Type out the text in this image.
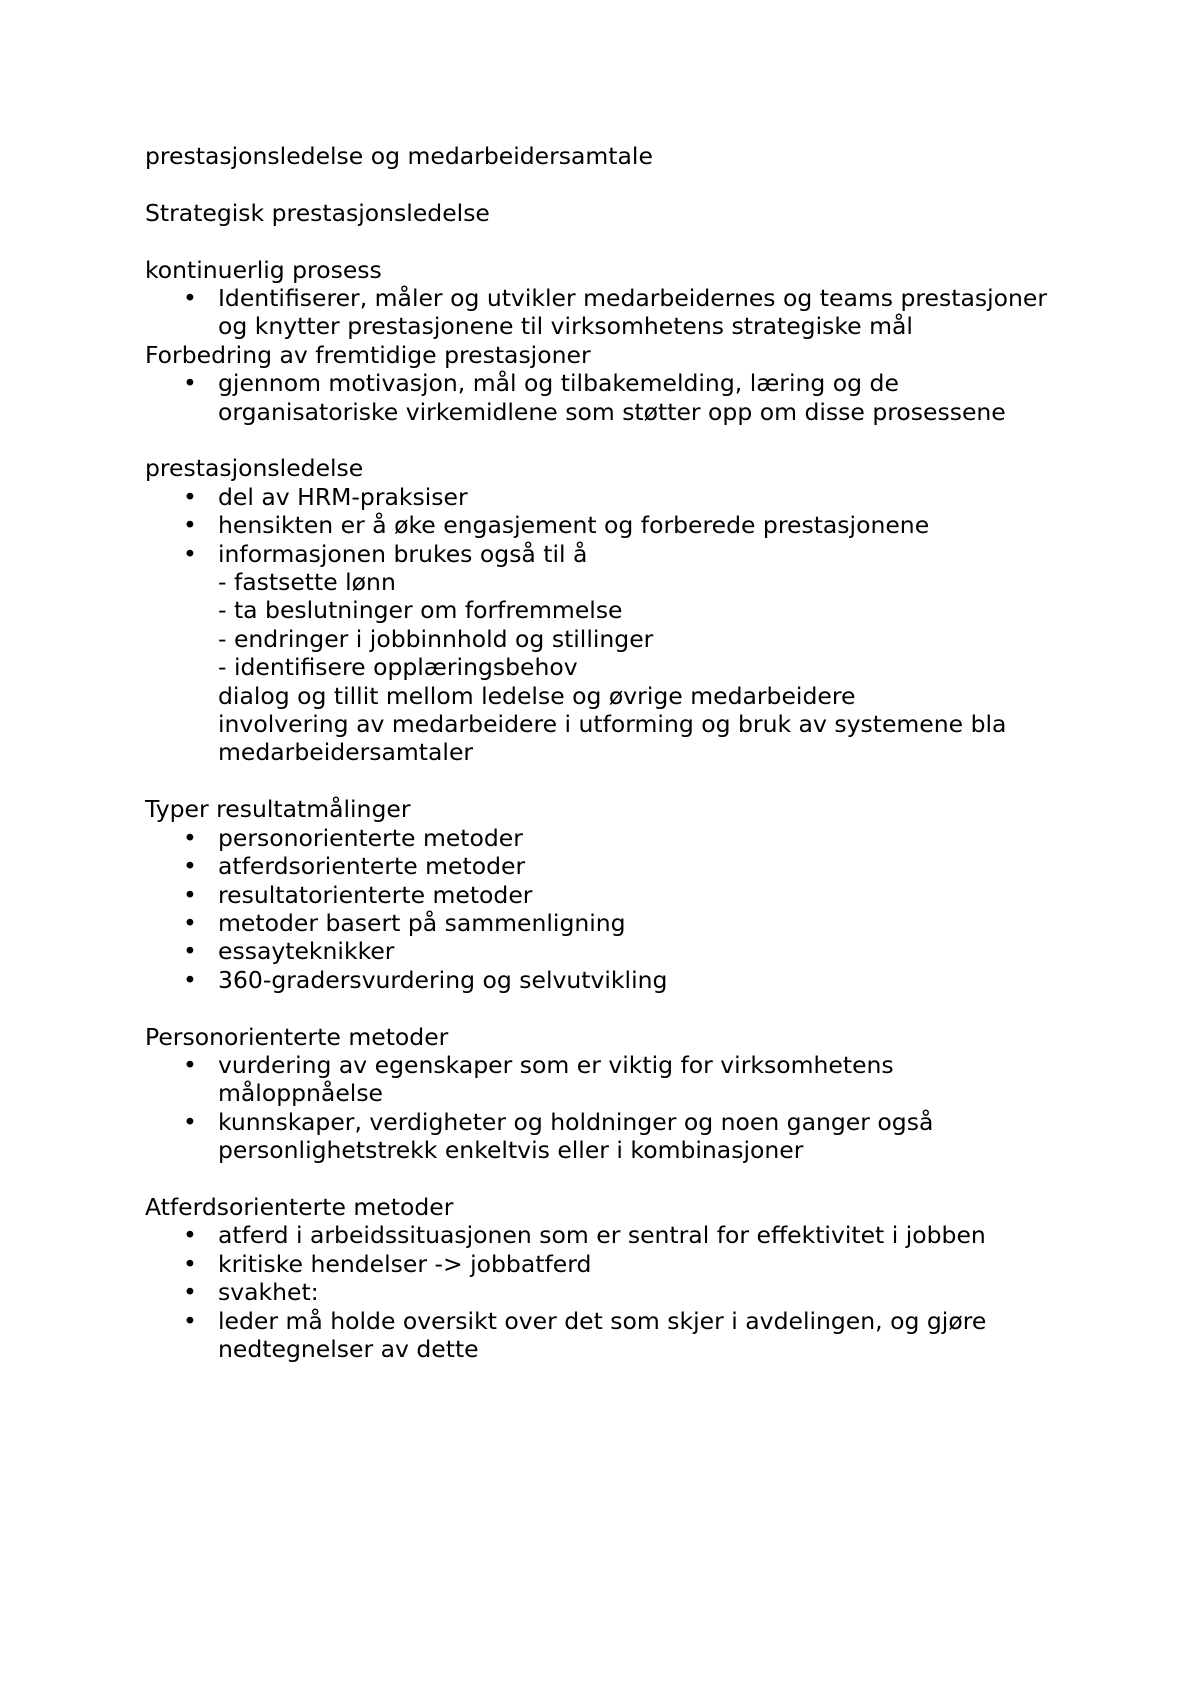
prestasjonsledelse og medarbeidersamtale

Strategisk prestasjonsledelse

kontinuerlig prosess

• Identifiserer, måler og utvikler medarbeidernes og teams prestasjoner og knytter prestasjonene til virksomhetens strategiske mål

Forbedring av fremtidige prestasjoner

• gjennom motivasjon, mål og tilbakemelding, læring og de organisatoriske virkemidlene som støtter opp om disse prosessene

prestasjonsledelse

• del av HRM-praksiser
• hensikten er å øke engasjement og forberede prestasjonene
• informasjonen brukes også til å

- fastsette lønn

- ta beslutninger om forfremmelse

- endringer i jobbinnhold og stillinger

- identifisere opplæringsbehov

dialog og tillit mellom ledelse og øvrige medarbeidere

involvering av medarbeidere i utforming og bruk av systemene bla

medarbeidersamtaler

Typer resultatmålinger

• personorienterte metoder
• atferdsorienterte metoder
• resultatorienterte metoder
• metoder basert på sammenligning
• essayteknikker
• 360-gradersvurdering og selvutvikling

Personorienterte metoder

• vurdering av egenskaper som er viktig for virksomhetens måloppnåelse
• kunnskaper, verdigheter og holdninger og noen ganger også personlighetstrekk enkeltvis eller i kombinasjoner

Atferdsorienterte metoder

• atferd i arbeidssituasjonen som er sentral for effektivitet i jobben
• kritiske hendelser -> jobbatferd
• svakhet:
• leder må holde oversikt over det som skjer i avdelingen, og gjøre nedtegnelser av dette
